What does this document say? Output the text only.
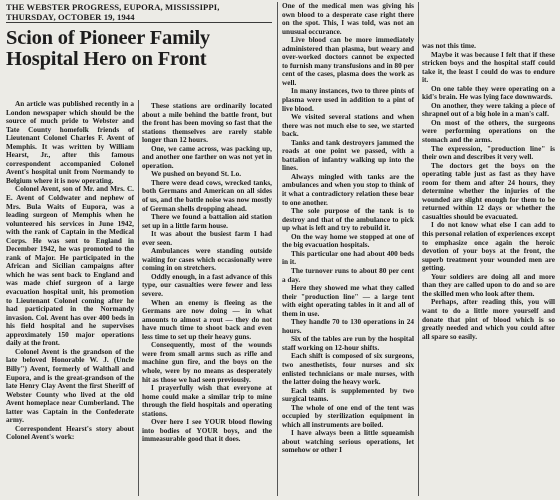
THE WEBSTER PROGRESS, EUPORA, MISSISSIPPI, THURSDAY, OCTOBER 19, 1944
Scion of Pioneer Family Hospital Hero on Front

An article was published recently in a London newspaper which should be the source of much pride to Webster and Tate County homefolk friends of Lieutenant Colonel Charles F. Avent of Memphis. It was written by William Hearst, Jr., after this famous correspondent accompanied Colonel Avent's hospital unit from Normandy to Belgium where it is now operating.

Colonel Avent, son of Mr. and Mrs. C. E. Avent of Coldwater and nephew of Mrs. Bula Waits of Eupora, was a leading surgeon of Memphis when he volunteered his services in June 1942, with the rank of Captain in the Medical Corps. He was sent to England in December 1942, he was promoted to the rank of Major. He participated in the African and Sicilian campaigns after which he was sent back to England and was made chief surgeon of a large evacuation hospital unit, his promotion to Lieutenant Colonel coming after he had participated in the Normandy invasion. Col. Avent has over 400 beds in his field hospital and he supervises approximately 150 major operations daily at the front.

Colonel Avent is the grandson of the late beloved Honorable W. J. (Uncle Billy") Avent, formerly of Walthall and Eupora, and is the great-grandson of the late Henry Clay Avent the first Sheriff of Webster County who lived at the old Avent homeplace near Cumberland. The latter was Captain in the Confederate army.

Correspondent Hearst's story about Colonel Avent's work:

These stations are ordinarily located about a mile behind the battle front, but the front has been moving so fast that the stations themselves are rarely stable longer than 12 hours.

One, we came across, was packing up, and another one farther on was not yet in operation.

We pushed on beyond St. Lo.

There were dead cows, wrecked tanks, both Germans and American on all sides of us, and the battle noise was now mostly of German shells dropping ahead.

There we found a battalion aid station set up in a little farm house.

It was about the busiest farm I had ever seen.

Ambulances were standing outside waiting for cases which occasionally were coming in on stretchers.

Oddly enough, in a fast advance of this type, our casualties were fewer and less severe.

When an enemy is fleeing as the Germans are now doing — in what amounts to almost a rout — they do not have much time to shoot back and even less time to set up their heavy guns.

Consequently, most of the wounds were from small arms such as rifle and machine gun fire, and the boys on the whole, were by no means as desperately hit as those we had seen previously.

I prayerfully wish that everyone at home could make a similar trip to mine through the field hospitals and operating stations.

Over here I see YOUR blood flowing into bodies of YOUR boys, and the immeasurable good that it does.

One of the medical men was giving his own blood to a desperate case right there on the spot. This, I was told, was not an unusual occurance.

Live blood can be more immediately administered than plasma, but weary and over-worked doctors cannot be expected to furnish many transfusions and in 80 per cent of the cases, plasma does the work as well.

In many instances, two to three pints of plasma were used in addition to a pint of live blood.

We visited several stations and when there was not much else to see, we started back.

Tanks and tank destroyers jammed the roads at one point we passed, with a battalion of infantry walking up into the lines.

Always mingled with tanks are the ambulances and when you stop to think of it what a contradictory relation these bear to one another.

The sole purpose of the tank is to destroy and that of the ambulance to pick up what is left and try to rebuild it.

On the way home we stopped at one of the big evacuation hospitals.

This particular one had about 400 beds in it.

The turnover runs to about 80 per cent a day.

Here they showed me what they called their "production line" — a large tent with eight operating tables in it and all of them in use.

They handle 70 to 130 operations in 24 hours.

Six of the tables are run by the hospital staff working on 12-hour shifts.

Each shift is composed of six surgeons, two anesthetists, four nurses and six enlisted technicians or male nurses, with the latter doing the heavy work.

Each shift is supplemented by two surgical teams.

The whole of one end of the tent was occupied by sterilization equipment in which all instruments are boiled.

I have always been a little squeamish about watching serious operations, let somehow or other I

was not this time.

Maybe it was because I felt that if these stricken boys and the hospital staff could take it, the least I could do was to endure it.

On one table they were operating on a kid's brain. He was lying face downwards.

On another, they were taking a piece of shrapnel out of a big hole in a man's calf.

On most of the others, the surgeons were performing operations on the stomach and the arms.

The expression, "production line" is their own and describes it very well.

The doctors get the boys on the operating table just as fast as they have room for them and after 24 hours, they determine whether the injuries of the wounded are slight enough for them to be returned within 12 days or whether the casualties should be evacuated.

I do not know what else I can add to this personal relation of experiences except to emphasize once again the heroic devotion of your boys at the front, the superb treatment your wounded men are getting.

Your soldiers are doing all and more than they are called upon to do and so are the skilled men who look after them.

Perhaps, after reading this, you will want to do a little more yourself and donate that pint of blood which is so greatly needed and which you could after all spare so easily.
